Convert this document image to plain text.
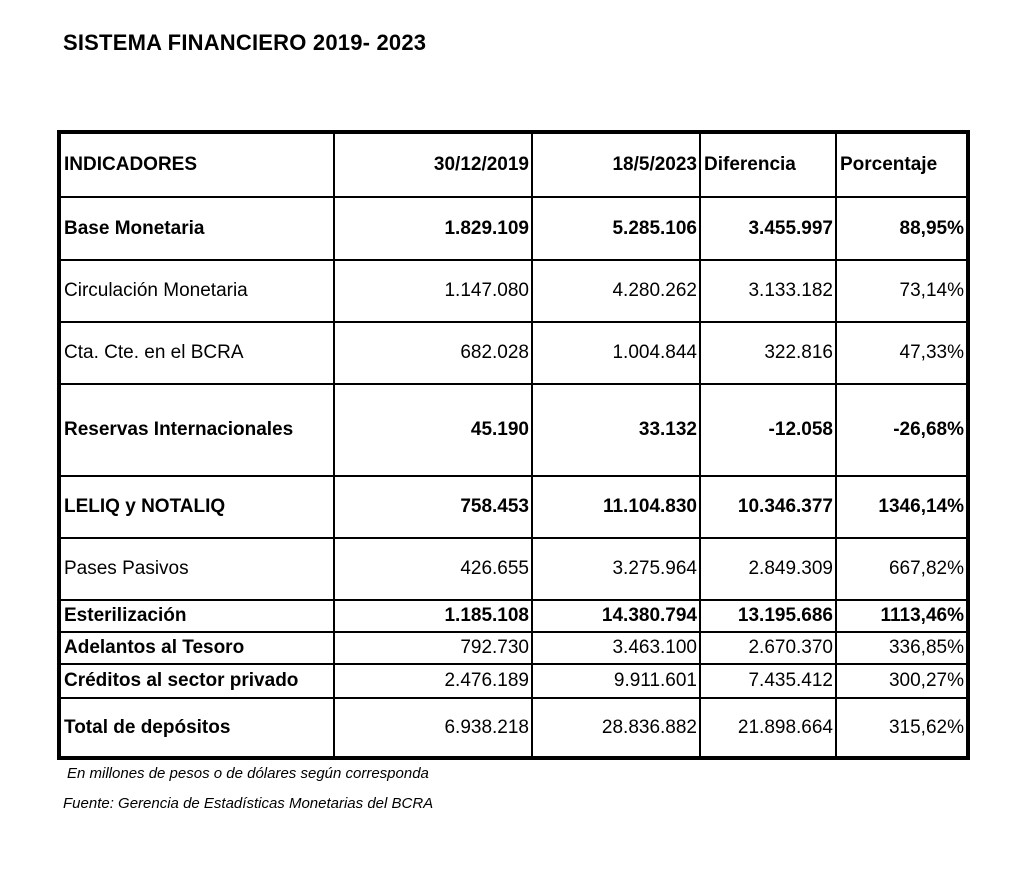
SISTEMA FINANCIERO 2019- 2023
INDICADORES	30/12/2019	18/5/2023 Diferencia	Porcentaje
Base Monetaria	1.829.109	5.285.106	3.455.997	88,95%
Circulación Monetaria	1.147.080	4.280.262	3.133.182	73,14%
Cta. Cte. en el BCRA	682.028	1.004.844	322.816	47,33%
Reservas Internacionales	45.190	33.132	-12.058	-26,68%
LELIQ y NOTALIQ	758.453	11.104.830	10.346.377	1346,14%
Pases Pasivos	426.655	3.275.964	2.849.309	667,82%
Esterilización	1.185.108	14.380.794	13.195.686	1113,46%
Adelantos al Tesoro	792.730	3.463.100	2.670.370	336,85%
Créditos al sector privado	2.476.189	9.911.601	7.435.412	300,27%
Total de depósitos	6.938.218	28.836.882	21.898.664	315,62%
En millones de pesos o de dólares según corresponda
Fuente: Gerencia de Estadísticas Monetarias del BCRA
